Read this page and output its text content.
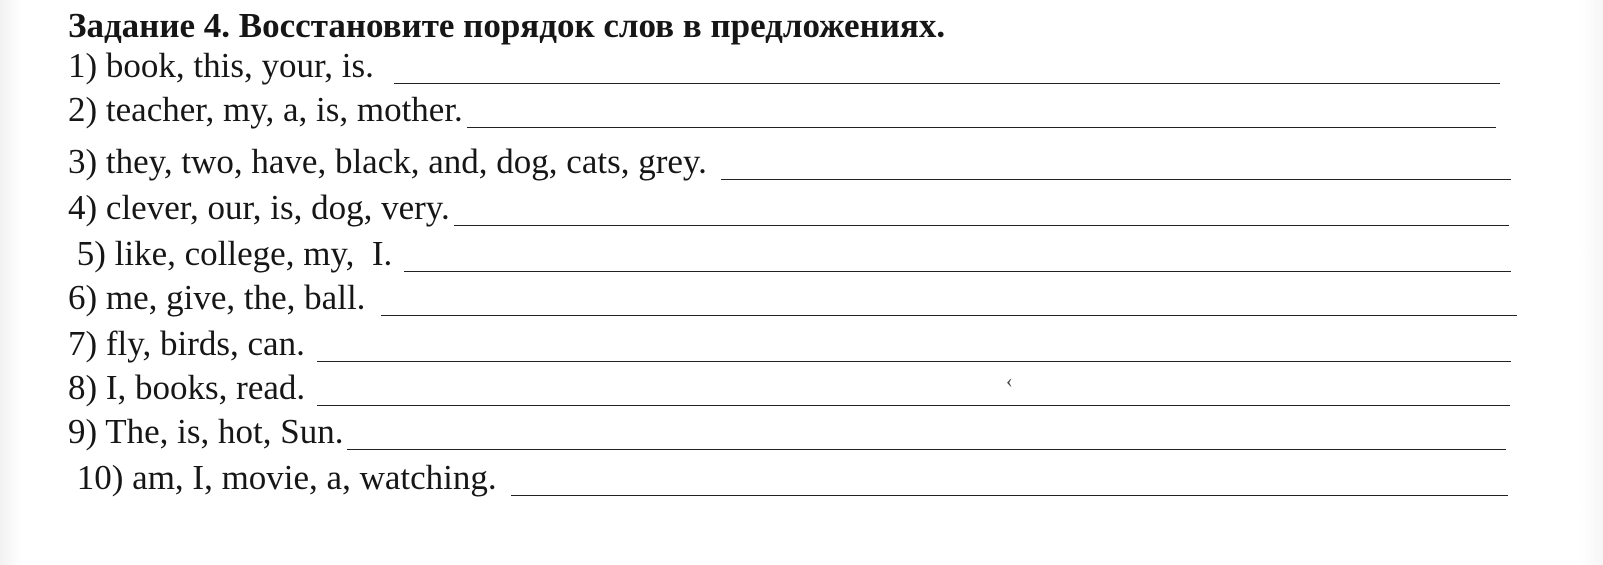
Задание 4. Восстановите порядок слов в предложениях.
1) book, this, your, is.
2) teacher, my, a, is, mother.
3) they, two, have, black, and, dog, cats, grey.
4) clever, our, is, dog, very.
5) like, college, my,  I.
6) me, give, the, ball.
7) fly, birds, can.
8) I, books, read.
9) The, is, hot, Sun.
10) am, I, movie, a, watching.
‹
